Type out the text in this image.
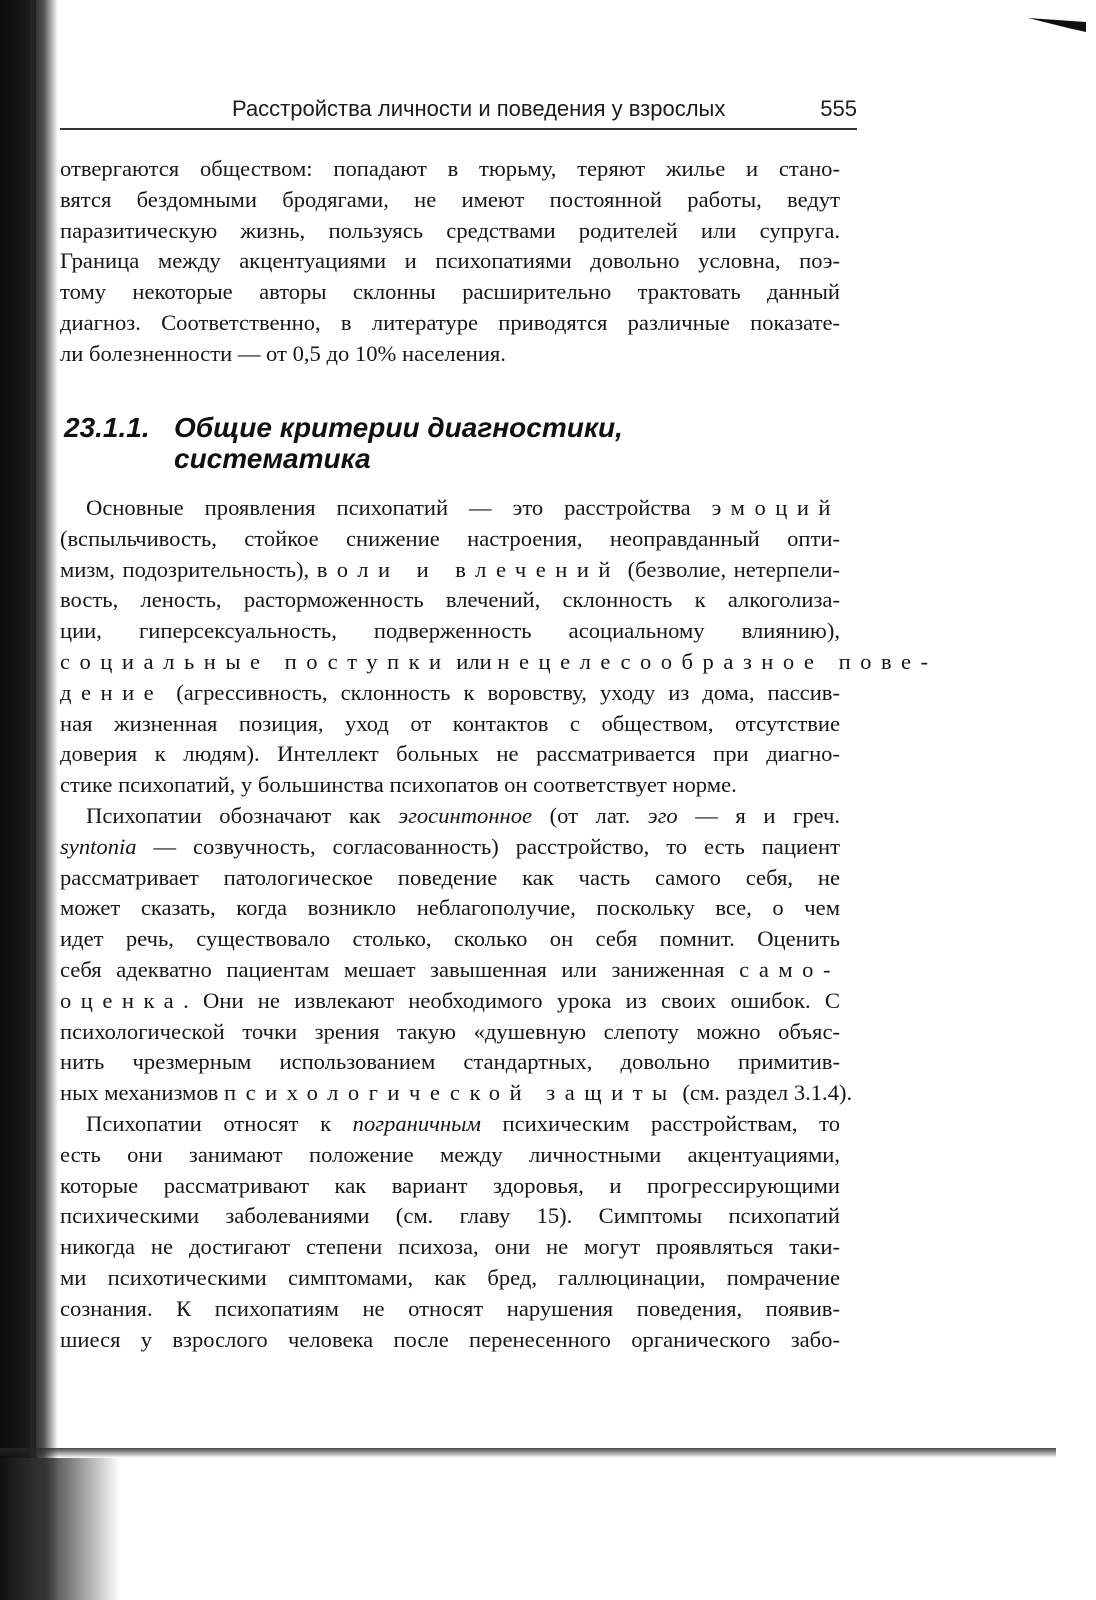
Расстройства личности и поведения у взрослых	555
отвергаются обществом: попадают в тюрьму, теряют жилье и стано-
вятся бездомными бродягами, не имеют постоянной работы, ведут
паразитическую жизнь, пользуясь средствами родителей или супруга.
Граница между акцентуациями и психопатиями довольно условна, поэ-
тому некоторые авторы склонны расширительно трактовать данный
диагноз. Соответственно, в литературе приводятся различные показате-
ли болезненности — от 0,5 до 10% населения.
23.1.1. Общие критерии диагностики,
систематика
Основные проявления психопатий — это расстройства эмоций
(вспыльчивость, стойкое снижение настроения, неоправданный опти-
мизм, подозрительность), воли и влечений (безволие, нетерпели-
вость, леность, расторможенность влечений, склонность к алкоголиза-
ции, гиперсексуальность, подверженность асоциальному влиянию),
социальные поступки или нецелесообразное пове-
дение (агрессивность, склонность к воровству, уходу из дома, пассив-
ная жизненная позиция, уход от контактов с обществом, отсутствие
доверия к людям). Интеллект больных не рассматривается при диагно-
стике психопатий, у большинства психопатов он соответствует норме.
Психопатии обозначают как эгосинтонное (от лат. эго — я и греч.
syntonia — созвучность, согласованность) расстройство, то есть пациент
рассматривает патологическое поведение как часть самого себя, не
может сказать, когда возникло неблагополучие, поскольку все, о чем
идет речь, существовало столько, сколько он себя помнит. Оценить
себя адекватно пациентам мешает завышенная или заниженная само-
оценка. Они не извлекают необходимого урока из своих ошибок. С
психологической точки зрения такую «душевную слепоту можно объяс-
нить чрезмерным использованием стандартных, довольно примитив-
ных механизмов психологической защиты (см. раздел 3.1.4).
Психопатии относят к пограничным психическим расстройствам, то
есть они занимают положение между личностными акцентуациями,
которые рассматривают как вариант здоровья, и прогрессирующими
психическими заболеваниями (см. главу 15). Симптомы психопатий
никогда не достигают степени психоза, они не могут проявляться таки-
ми психотическими симптомами, как бред, галлюцинации, помрачение
сознания. К психопатиям не относят нарушения поведения, появив-
шиеся у взрослого человека после перенесенного органического забо-
